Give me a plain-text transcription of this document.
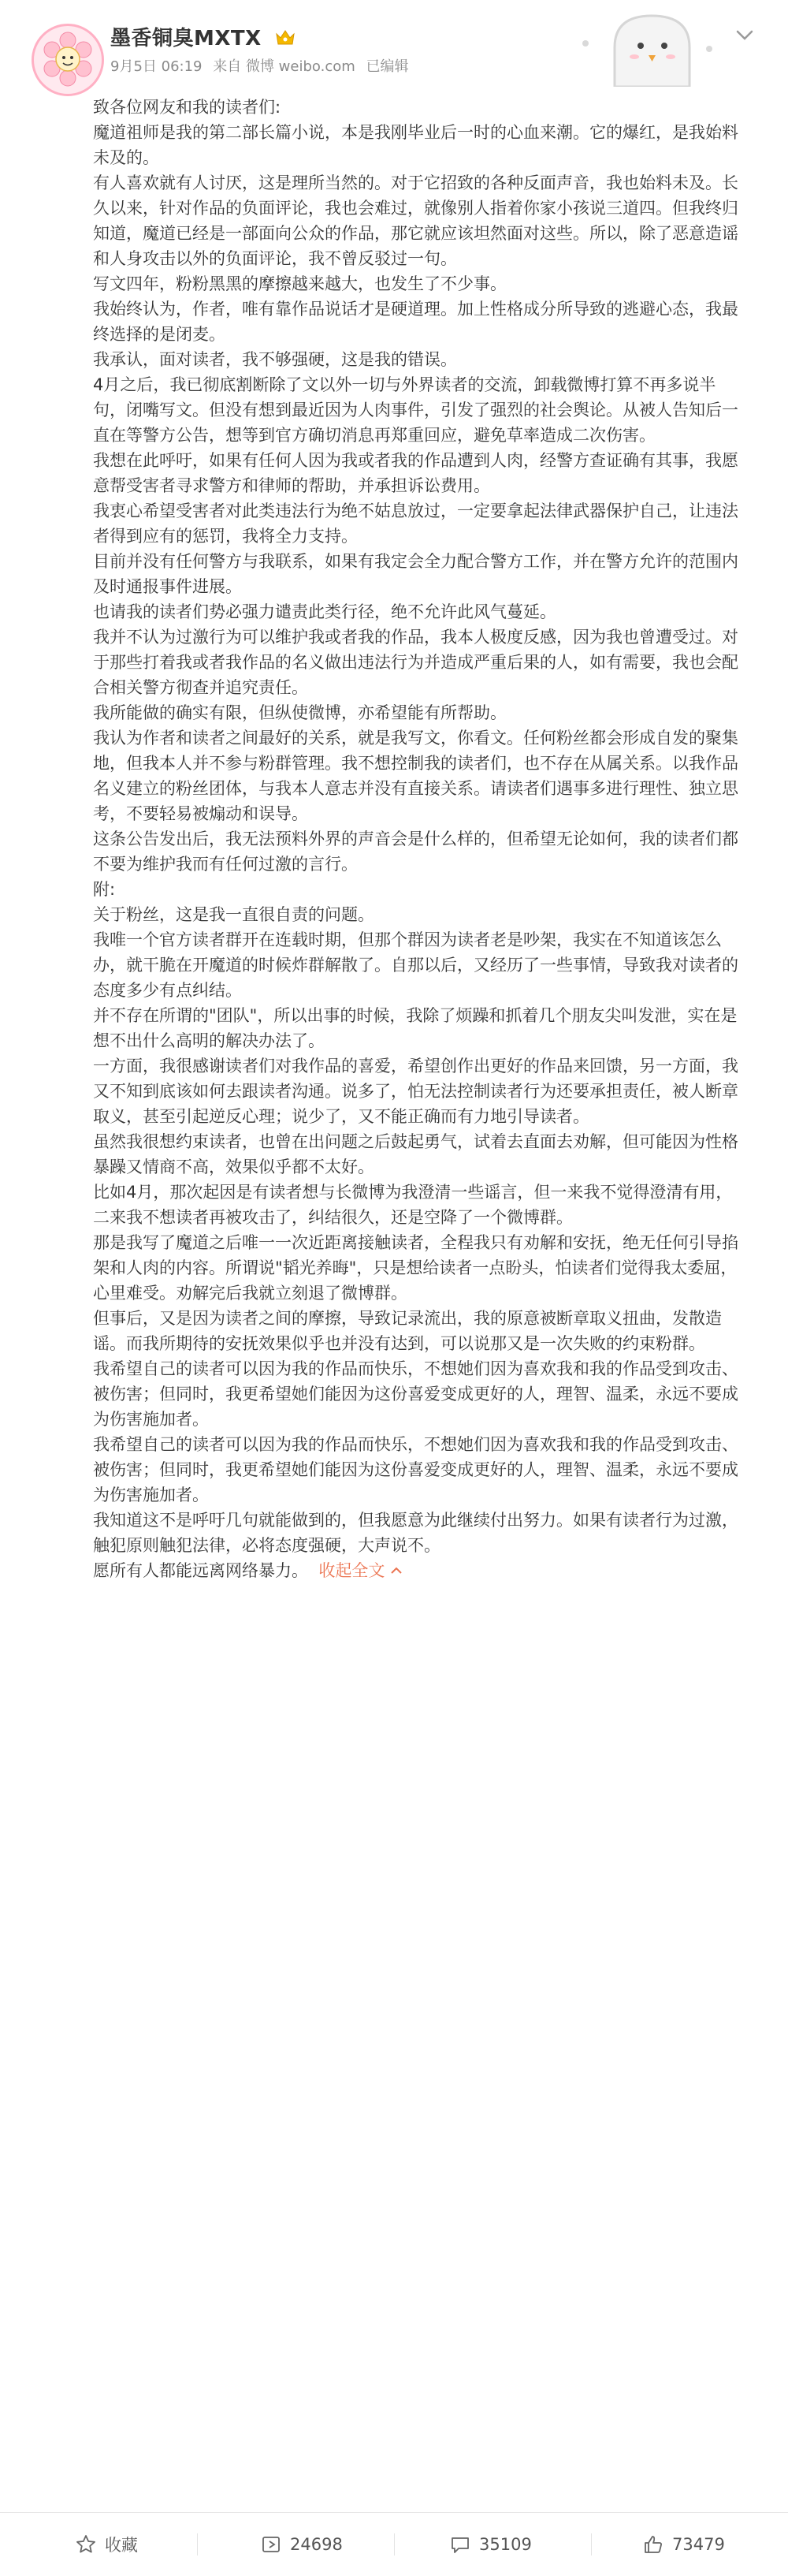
墨香铜臭MXTX
9月5日 06:19 来自 微博 weibo.com 已编辑

致各位网友和我的读者们:

魔道祖师是我的第二部长篇小说，本是我刚毕业后一时的心血来潮。它的爆红，是我始料未及的。

有人喜欢就有人讨厌，这是理所当然的。对于它招致的各种反面声音，我也始料未及。长久以来，针对作品的负面评论，我也会难过，就像别人指着你家小孩说三道四。但我终归知道，魔道已经是一部面向公众的作品，那它就应该坦然面对这些。所以，除了恶意造谣和人身攻击以外的负面评论，我不曾反驳过一句。

写文四年，粉粉黑黑的摩擦越来越大，也发生了不少事。

我始终认为，作者，唯有靠作品说话才是硬道理。加上性格成分所导致的逃避心态，我最终选择的是闭麦。

我承认，面对读者，我不够强硬，这是我的错误。

4月之后，我已彻底割断除了文以外一切与外界读者的交流，卸载微博打算不再多说半句，闭嘴写文。但没有想到最近因为人肉事件，引发了强烈的社会舆论。从被人告知后一直在等警方公告，想等到官方确切消息再郑重回应，避免草率造成二次伤害。

我想在此呼吁，如果有任何人因为我或者我的作品遭到人肉，经警方查证确有其事，我愿意帮受害者寻求警方和律师的帮助，并承担诉讼费用。

我衷心希望受害者对此类违法行为绝不姑息放过，一定要拿起法律武器保护自己，让违法者得到应有的惩罚，我将全力支持。

目前并没有任何警方与我联系，如果有我定会全力配合警方工作，并在警方允许的范围内及时通报事件进展。

也请我的读者们势必强力谴责此类行径，绝不允许此风气蔓延。

我并不认为过激行为可以维护我或者我的作品，我本人极度反感，因为我也曾遭受过。对于那些打着我或者我作品的名义做出违法行为并造成严重后果的人，如有需要，我也会配合相关警方彻查并追究责任。

我所能做的确实有限，但纵使微博，亦希望能有所帮助。

我认为作者和读者之间最好的关系，就是我写文，你看文。任何粉丝都会形成自发的聚集地，但我本人并不参与粉群管理。我不想控制我的读者们，也不存在从属关系。以我作品名义建立的粉丝团体，与我本人意志并没有直接关系。请读者们遇事多进行理性、独立思考，不要轻易被煽动和误导。

这条公告发出后，我无法预料外界的声音会是什么样的，但希望无论如何，我的读者们都不要为维护我而有任何过激的言行。

附:

关于粉丝，这是我一直很自责的问题。

我唯一个官方读者群开在连载时期，但那个群因为读者老是吵架，我实在不知道该怎么办，就干脆在开魔道的时候炸群解散了。自那以后，又经历了一些事情，导致我对读者的态度多少有点纠结。

并不存在所谓的"团队"，所以出事的时候，我除了烦躁和抓着几个朋友尖叫发泄，实在是想不出什么高明的解决办法了。

一方面，我很感谢读者们对我作品的喜爱，希望创作出更好的作品来回馈，另一方面，我又不知到底该如何去跟读者沟通。说多了，怕无法控制读者行为还要承担责任，被人断章取义，甚至引起逆反心理；说少了，又不能正确而有力地引导读者。

虽然我很想约束读者，也曾在出问题之后鼓起勇气，试着去直面去劝解，但可能因为性格暴躁又情商不高，效果似乎都不太好。

比如4月，那次起因是有读者想与长微博为我澄清一些谣言，但一来我不觉得澄清有用，二来我不想读者再被攻击了，纠结很久，还是空降了一个微博群。

那是我写了魔道之后唯一一次近距离接触读者，全程我只有劝解和安抚，绝无任何引导掐架和人肉的内容。所谓说"韬光养晦"，只是想给读者一点盼头，怕读者们觉得我太委屈，心里难受。劝解完后我就立刻退了微博群。

但事后，又是因为读者之间的摩擦，导致记录流出，我的原意被断章取义扭曲，发散造谣。而我所期待的安抚效果似乎也并没有达到，可以说那又是一次失败的约束粉群。

我希望自己的读者可以因为我的作品而快乐，不想她们因为喜欢我和我的作品受到攻击、被伤害；但同时，我更希望她们能因为这份喜爱变成更好的人，理智、温柔，永远不要成为伤害施加者。

我希望自己的读者可以因为我的作品而快乐，不想她们因为喜欢我和我的作品受到攻击、被伤害；但同时，我更希望她们能因为这份喜爱变成更好的人，理智、温柔，永远不要成为伤害施加者。

我知道这不是呼吁几句就能做到的，但我愿意为此继续付出努力。如果有读者行为过激，触犯原则触犯法律，必将态度强硬，大声说不。

愿所有人都能远离网络暴力。 收起全文

收藏	24698	35109	73479
